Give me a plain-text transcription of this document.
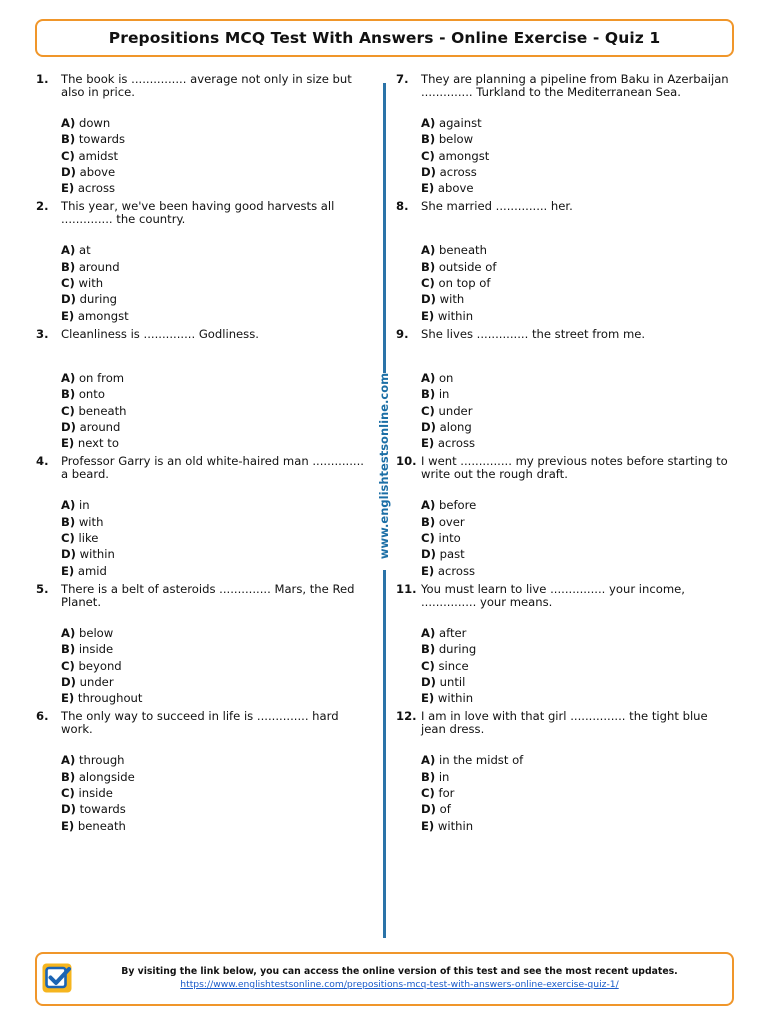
Prepositions MCQ Test With Answers - Online Exercise - Quiz 1
1.	The book is ............... average not only in size but also in price.
A) down
B) towards
C) amidst
D) above
E) across
2.	This year, we've been having good harvests all .............. the country.
A) at
B) around
C) with
D) during
E) amongst
3.	Cleanliness is .............. Godliness.
A) on from
B) onto
C) beneath
D) around
E) next to
4.	Professor Garry is an old white-haired man .............. a beard.
A) in
B) with
C) like
D) within
E) amid
5.	There is a belt of asteroids .............. Mars, the Red Planet.
A) below
B) inside
C) beyond
D) under
E) throughout
6.	The only way to succeed in life is .............. hard work.
A) through
B) alongside
C) inside
D) towards
E) beneath
7.	They are planning a pipeline from Baku in Azerbaijan .............. Turkland to the Mediterranean Sea.
A) against
B) below
C) amongst
D) across
E) above
8.	She married .............. her.
A) beneath
B) outside of
C) on top of
D) with
E) within
9.	She lives .............. the street from me.
A) on
B) in
C) under
D) along
E) across
10. I went .............. my previous notes before starting to write out the rough draft.
A) before
B) over
C) into
D) past
E) across
11. You must learn to live ............... your income, ............... your means.
A) after
B) during
C) since
D) until
E) within
12. I am in love with that girl ............... the tight blue jean dress.
A) in the midst of
B) in
C) for
D) of
E) within
www.englishtestsonline.com
By visiting the link below, you can access the online version of this test and see the most recent updates.
https://www.englishtestsonline.com/prepositions-mcq-test-with-answers-online-exercise-quiz-1/
